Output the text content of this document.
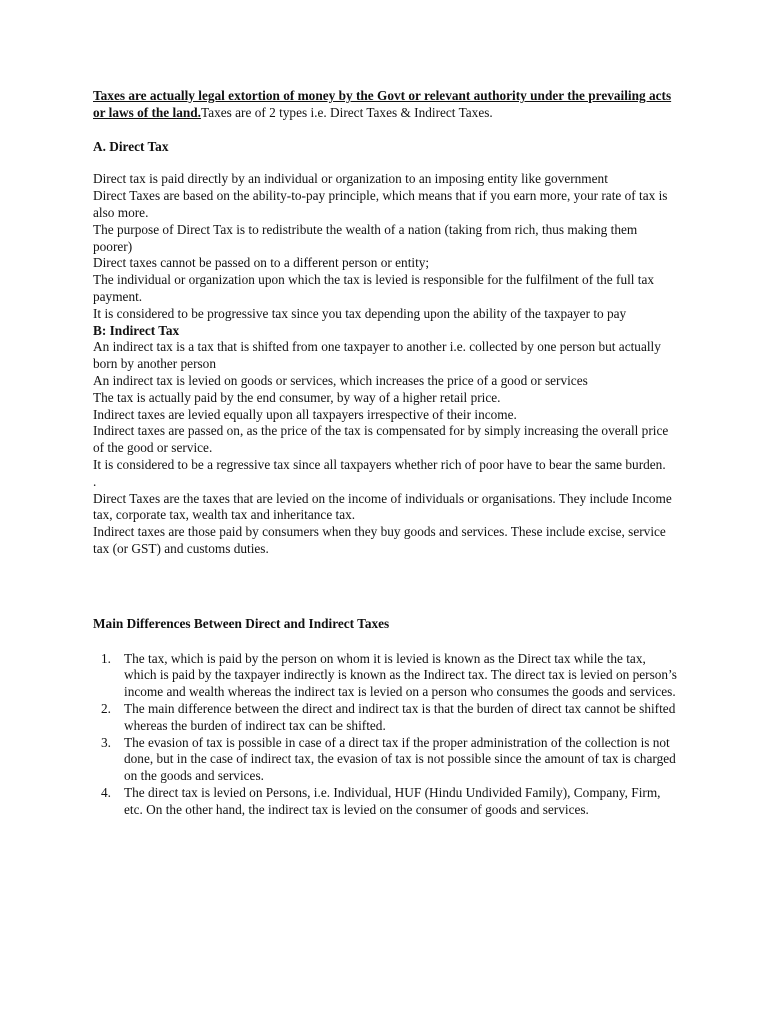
Taxes are actually legal extortion of money by the Govt or relevant authority under the prevailing acts or laws of the land.Taxes are of 2 types i.e. Direct Taxes & Indirect Taxes.

A. Direct Tax

Direct tax is paid directly by an individual or organization to an imposing entity like government

Direct Taxes are based on the ability-to-pay principle, which means that if you earn more, your rate of tax is also more.

The purpose of Direct Tax is to redistribute the wealth of a nation (taking from rich, thus making them poorer)

Direct taxes cannot be passed on to a different person or entity;

The individual or organization upon which the tax is levied is responsible for the fulfilment of the full tax payment.

It is considered to be progressive tax since you tax depending upon the ability of the taxpayer to pay

B: Indirect Tax

An indirect tax is a tax that is shifted from one taxpayer to another i.e. collected by one person but actually born by another person

An indirect tax is levied on goods or services, which increases the price of a good or services

The tax is actually paid by the end consumer, by way of a higher retail price.

Indirect taxes are levied equally upon all taxpayers irrespective of their income.

Indirect taxes are passed on, as the price of the tax is compensated for by simply increasing the overall price of the good or service.

It is considered to be a regressive tax since all taxpayers whether rich of poor have to bear the same burden.

.

Direct Taxes are the taxes that are levied on the income of individuals or organisations. They include Income tax, corporate tax, wealth tax and inheritance tax.

Indirect taxes are those paid by consumers when they buy goods and services. These include excise, service tax (or GST) and customs duties.

Main Differences Between Direct and Indirect Taxes

1. The tax, which is paid by the person on whom it is levied is known as the Direct tax while the tax, which is paid by the taxpayer indirectly is known as the Indirect tax. The direct tax is levied on person’s income and wealth whereas the indirect tax is levied on a person who consumes the goods and services.
2. The main difference between the direct and indirect tax is that the burden of direct tax cannot be shifted whereas the burden of indirect tax can be shifted.
3. The evasion of tax is possible in case of a direct tax if the proper administration of the collection is not done, but in the case of indirect tax, the evasion of tax is not possible since the amount of tax is charged on the goods and services.
4. The direct tax is levied on Persons, i.e. Individual, HUF (Hindu Undivided Family), Company, Firm, etc. On the other hand, the indirect tax is levied on the consumer of goods and services.
